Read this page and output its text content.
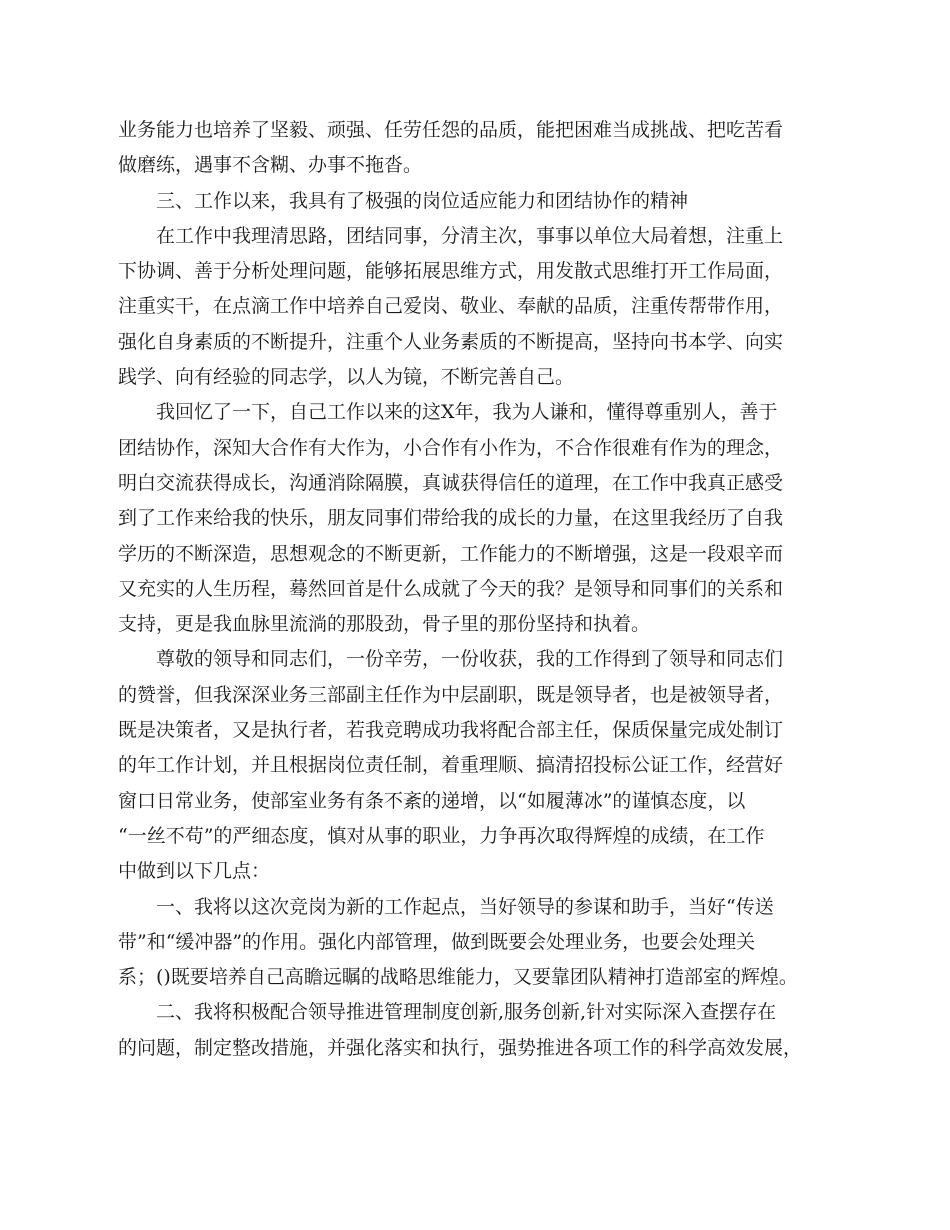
业务能力也培养了坚毅、顽强、任劳任怨的品质，能把困难当成挑战、把吃苦看
做磨练，遇事不含糊、办事不拖沓。
三、工作以来，我具有了极强的岗位适应能力和团结协作的精神
在工作中我理清思路，团结同事，分清主次，事事以单位大局着想，注重上
下协调、善于分析处理问题，能够拓展思维方式，用发散式思维打开工作局面，
注重实干，在点滴工作中培养自己爱岗、敬业、奉献的品质，注重传帮带作用，
强化自身素质的不断提升，注重个人业务素质的不断提高，坚持向书本学、向实
践学、向有经验的同志学，以人为镜，不断完善自己。
我回忆了一下，自己工作以来的这X年，我为人谦和，懂得尊重别人，善于
团结协作，深知大合作有大作为，小合作有小作为，不合作很难有作为的理念，
明白交流获得成长，沟通消除隔膜，真诚获得信任的道理，在工作中我真正感受
到了工作来给我的快乐，朋友同事们带给我的成长的力量，在这里我经历了自我
学历的不断深造，思想观念的不断更新，工作能力的不断增强，这是一段艰辛而
又充实的人生历程，蓦然回首是什么成就了今天的我？是领导和同事们的关系和
支持，更是我血脉里流淌的那股劲，骨子里的那份坚持和执着。
尊敬的领导和同志们，一份辛劳，一份收获，我的工作得到了领导和同志们
的赞誉，但我深深业务三部副主任作为中层副职，既是领导者，也是被领导者，
既是决策者，又是执行者，若我竞聘成功我将配合部主任，保质保量完成处制订
的年工作计划，并且根据岗位责任制，着重理顺、搞清招投标公证工作，经营好
窗口日常业务，使部室业务有条不紊的递增，以“如履薄冰”的谨慎态度，以
“一丝不苟”的严细态度，慎对从事的职业，力争再次取得辉煌的成绩，在工作
中做到以下几点：
一、我将以这次竞岗为新的工作起点，当好领导的参谋和助手，当好“传送
带”和“缓冲器”的作用。强化内部管理，做到既要会处理业务，也要会处理关
系；()既要培养自己高瞻远瞩的战略思维能力，又要靠团队精神打造部室的辉煌。
二、我将积极配合领导推进管理制度创新,服务创新,针对实际深入查摆存在
的问题，制定整改措施，并强化落实和执行，强势推进各项工作的科学高效发展，
